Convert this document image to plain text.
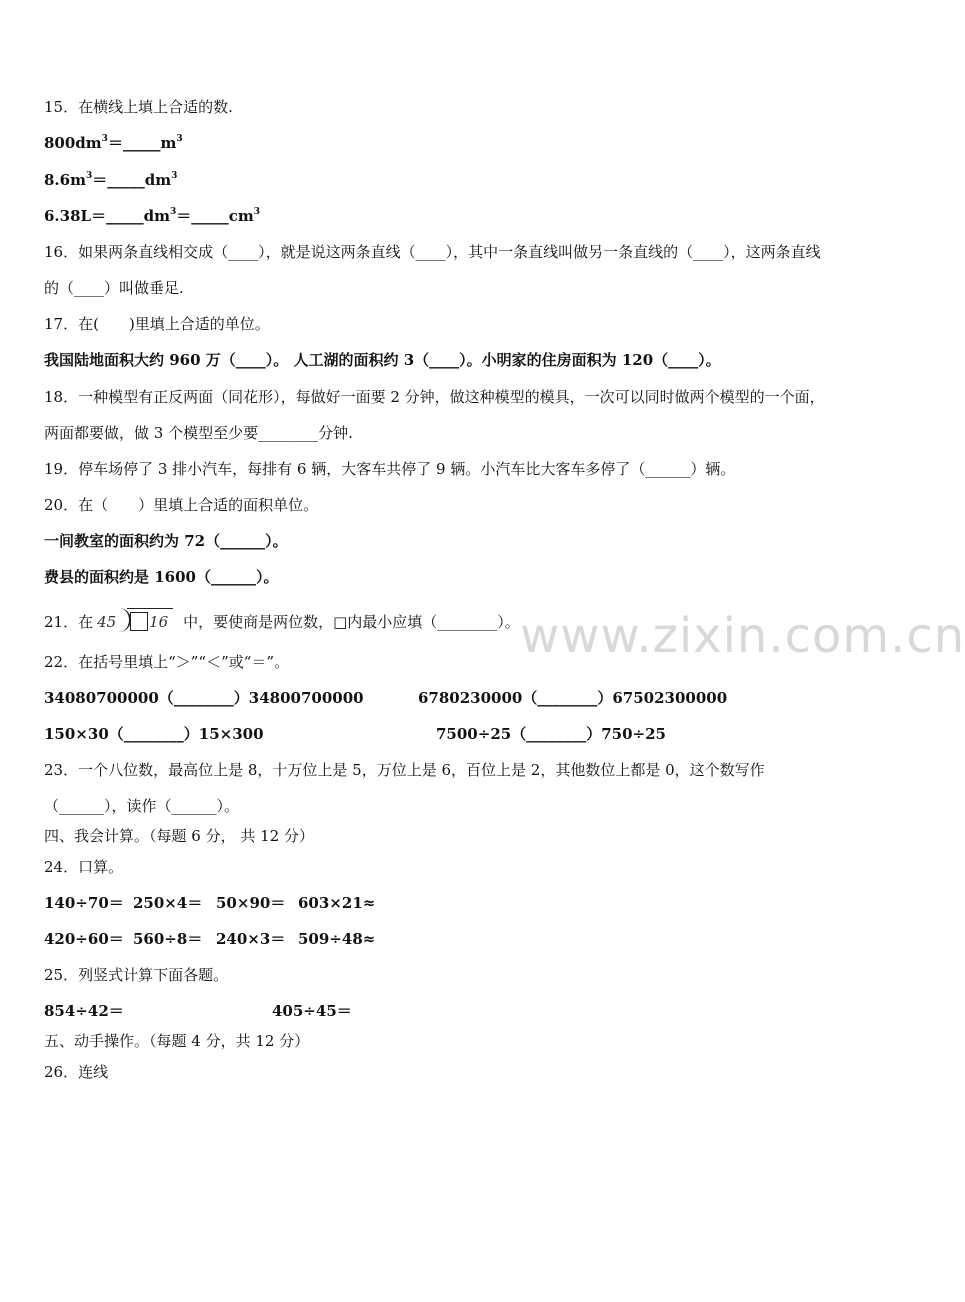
www.zixin.com.cn
15．在横线上填上合适的数.
$800dm^3=\_\_\_\_\_m^3$
$8.6m^3=\_\_\_\_\_dm^3$
$6.38L=\_\_\_\_\_dm^3=\_\_\_\_\_cm^3$
16．如果两条直线相交成（____），就是说这两条直线（____），其中一条直线叫做另一条直线的（____），这两条直线
的（____）叫做垂足.
17．在(　　)里填上合适的单位。
我国陆地面积大约 960 万（____）。 人工湖的面积约 3（____）。小明家的住房面积为 120（____）。
18．一种模型有正反两面（同花形），每做好一面要 2 分钟，做这种模型的模具，一次可以同时做两个模型的一个面，
两面都要做，做 3 个模型至少要________分钟.
19．停车场停了 3 排小汽车，每排有 6 辆，大客车共停了 9 辆。小汽车比大客车多停了（______）辆。
20．在（　　）里填上合适的面积单位。
一间教室的面积约为 72（______）。
费县的面积约是 1600（______）。
21．在 45 16 中，要使商是两位数，□内最小应填（________）。
22．在括号里填上“＞”“＜”或“＝”。
34080700000（________）34800700000	6780230000（________）67502300000
150×30（________）15×300	7500÷25（________）750÷25
23．一个八位数，最高位上是 8，十万位上是 5，万位上是 6，百位上是 2，其他数位上都是 0，这个数写作
（______），读作（______）。
四、我会计算。（每题 6 分， 共 12 分）
24．口算。
140÷70＝ 250×4＝ 50×90＝ 603×21≈
420÷60＝ 560÷8＝ 240×3＝ 509÷48≈
25．列竖式计算下面各题。
854÷42＝	405÷45＝
五、动手操作。（每题 4 分，共 12 分）
26．连线
